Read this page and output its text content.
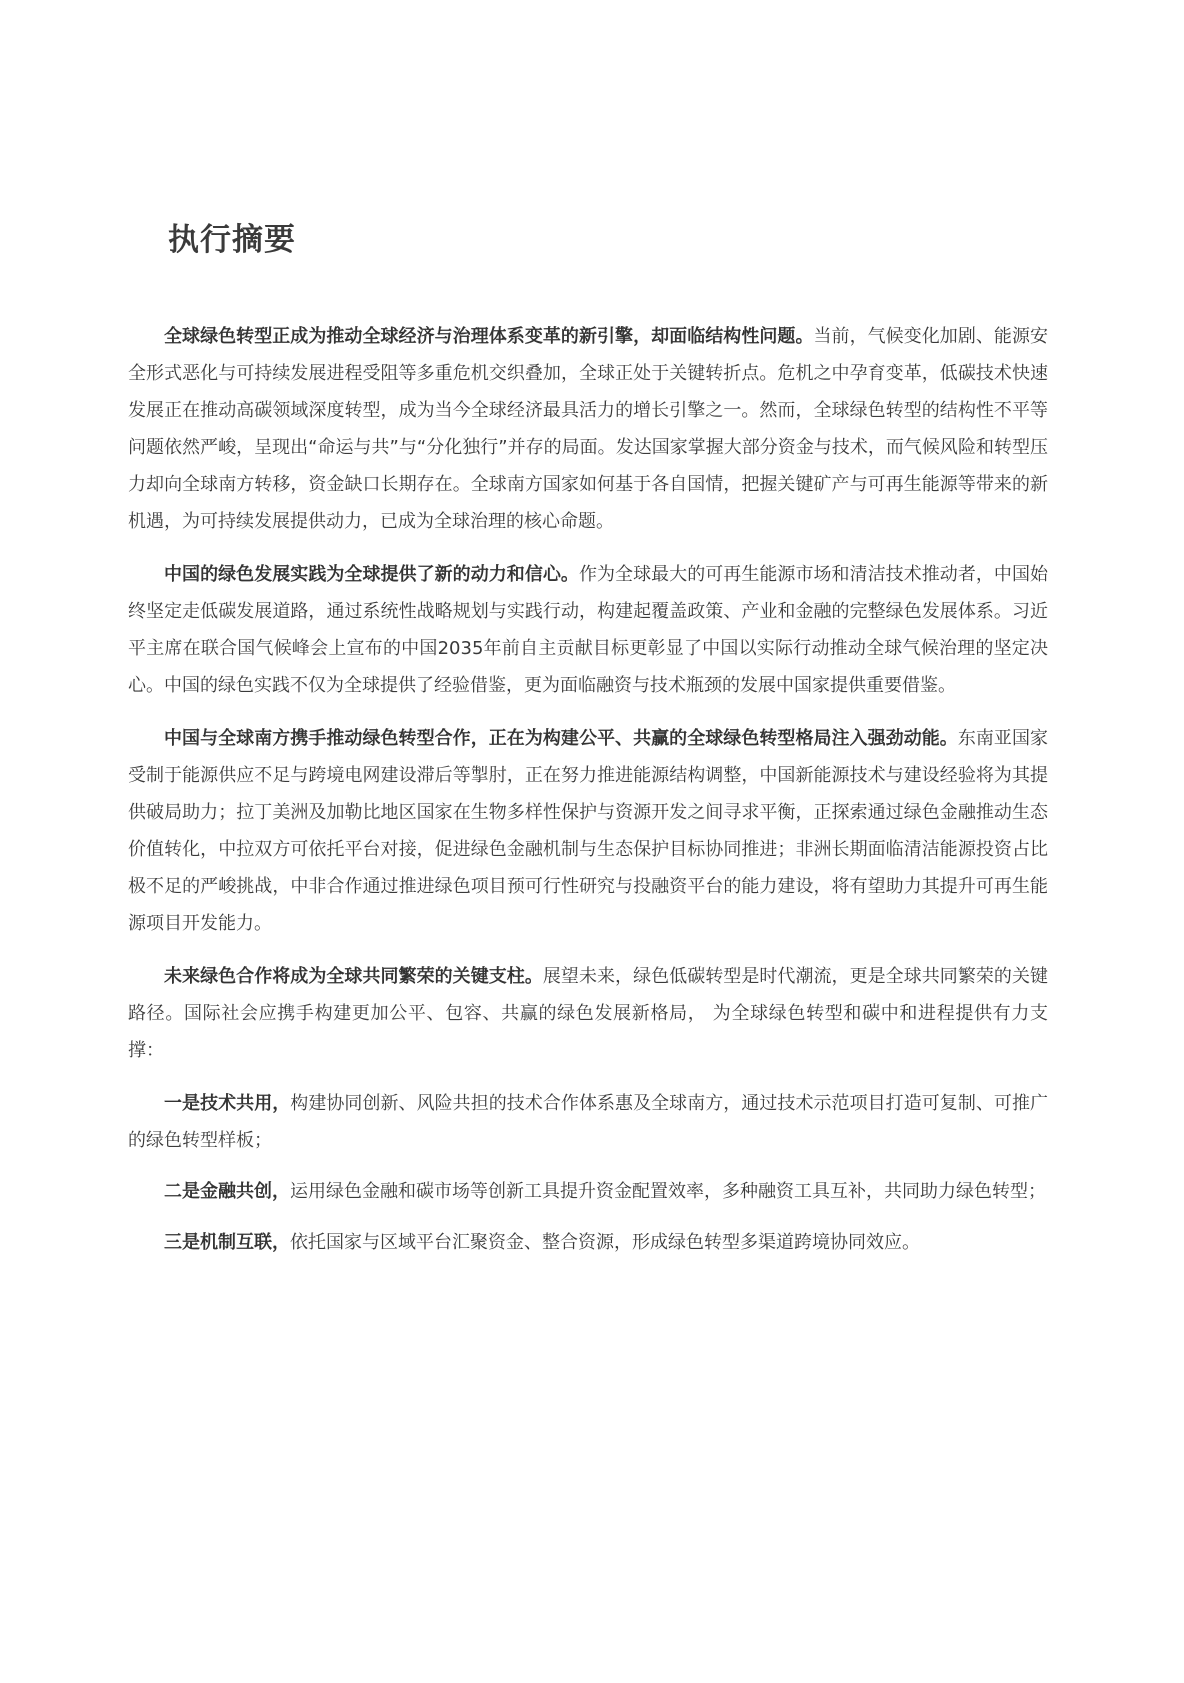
执行摘要

全球绿色转型正成为推动全球经济与治理体系变革的新引擎，却面临结构性问题。当前，气候变化加剧、能源安全形式恶化与可持续发展进程受阻等多重危机交织叠加，全球正处于关键转折点。危机之中孕育变革，低碳技术快速发展正在推动高碳领域深度转型，成为当今全球经济最具活力的增长引擎之一。然而，全球绿色转型的结构性不平等问题依然严峻，呈现出“命运与共”与“分化独行”并存的局面。发达国家掌握大部分资金与技术，而气候风险和转型压力却向全球南方转移，资金缺口长期存在。全球南方国家如何基于各自国情，把握关键矿产与可再生能源等带来的新机遇，为可持续发展提供动力，已成为全球治理的核心命题。

中国的绿色发展实践为全球提供了新的动力和信心。作为全球最大的可再生能源市场和清洁技术推动者，中国始终坚定走低碳发展道路，通过系统性战略规划与实践行动，构建起覆盖政策、产业和金融的完整绿色发展体系。习近平主席在联合国气候峰会上宣布的中国2035年前自主贡献目标更彰显了中国以实际行动推动全球气候治理的坚定决心。中国的绿色实践不仅为全球提供了经验借鉴，更为面临融资与技术瓶颈的发展中国家提供重要借鉴。

中国与全球南方携手推动绿色转型合作，正在为构建公平、共赢的全球绿色转型格局注入强劲动能。东南亚国家受制于能源供应不足与跨境电网建设滞后等掣肘，正在努力推进能源结构调整，中国新能源技术与建设经验将为其提供破局助力；拉丁美洲及加勒比地区国家在生物多样性保护与资源开发之间寻求平衡，正探索通过绿色金融推动生态价值转化，中拉双方可依托平台对接，促进绿色金融机制与生态保护目标协同推进；非洲长期面临清洁能源投资占比极不足的严峻挑战，中非合作通过推进绿色项目预可行性研究与投融资平台的能力建设，将有望助力其提升可再生能源项目开发能力。

未来绿色合作将成为全球共同繁荣的关键支柱。展望未来，绿色低碳转型是时代潮流，更是全球共同繁荣的关键路径。国际社会应携手构建更加公平、包容、共赢的绿色发展新格局， 为全球绿色转型和碳中和进程提供有力支撑：

一是技术共用，构建协同创新、风险共担的技术合作体系惠及全球南方，通过技术示范项目打造可复制、可推广的绿色转型样板；

二是金融共创，运用绿色金融和碳市场等创新工具提升资金配置效率，多种融资工具互补，共同助力绿色转型；

三是机制互联，依托国家与区域平台汇聚资金、整合资源，形成绿色转型多渠道跨境协同效应。
